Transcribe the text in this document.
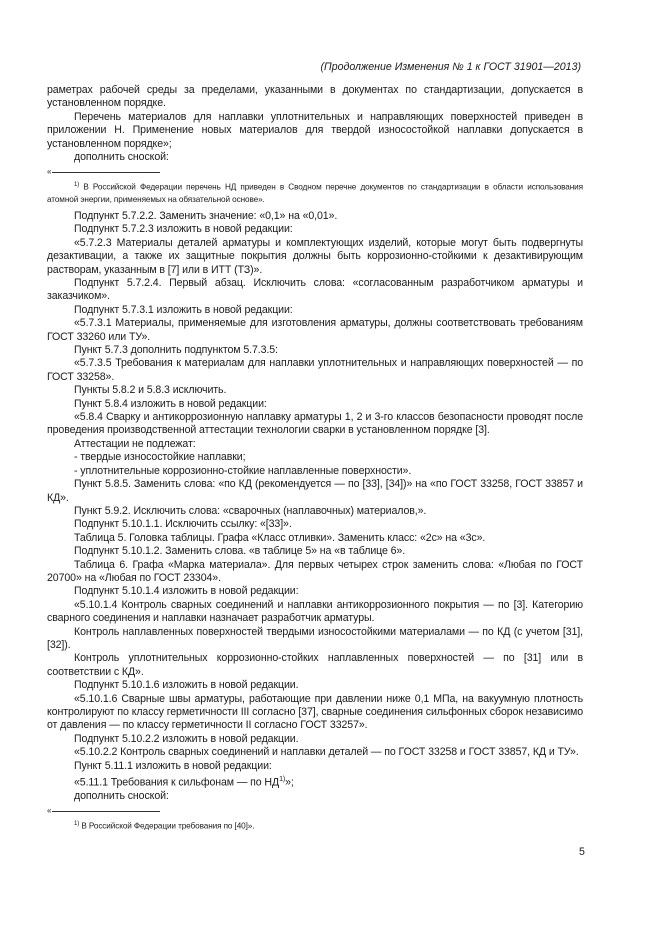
(Продолжение Изменения № 1 к ГОСТ 31901—2013)

раметрах рабочей среды за пределами, указанными в документах по стандартизации, допускается в установленном порядке.

Перечень материалов для наплавки уплотнительных и направляющих поверхностей приведен в приложении Н. Применение новых материалов для твердой износостойкой наплавки допускается в установленном порядке»;

дополнить сноской:

«

$^{1)}$ В Российской Федерации перечень НД приведен в Сводном перечне документов по стандартизации в области использования атомной энергии, применяемых на обязательной основе».

Подпункт 5.7.2.2. Заменить значение: «0,1» на «0,01».

Подпункт 5.7.2.3 изложить в новой редакции:

«5.7.2.3 Материалы деталей арматуры и комплектующих изделий, которые могут быть подвергнуты дезактивации, а также их защитные покрытия должны быть коррозионно-стойкими к дезактивирующим растворам, указанным в [7] или в ИТТ (ТЗ)».

Подпункт 5.7.2.4. Первый абзац. Исключить слова: «согласованным разработчиком арматуры и заказчиком».

Подпункт 5.7.3.1 изложить в новой редакции:

«5.7.3.1 Материалы, применяемые для изготовления арматуры, должны соответствовать требованиям ГОСТ 33260 или ТУ».

Пункт 5.7.3 дополнить подпунктом 5.7.3.5:

«5.7.3.5 Требования к материалам для наплавки уплотнительных и направляющих поверхностей — по ГОСТ 33258».

Пункты 5.8.2 и 5.8.3 исключить.

Пункт 5.8.4 изложить в новой редакции:

«5.8.4 Сварку и антикоррозионную наплавку арматуры 1, 2 и 3-го классов безопасности проводят после проведения производственной аттестации технологии сварки в установленном порядке [3].

Аттестации не подлежат:

- твердые износостойкие наплавки;

- уплотнительные коррозионно-стойкие наплавленные поверхности».

Пункт 5.8.5. Заменить слова: «по КД (рекомендуется — по [33], [34])» на «по ГОСТ 33258, ГОСТ 33857 и КД».

Пункт 5.9.2. Исключить слова: «сварочных (наплавочных) материалов,».

Подпункт 5.10.1.1. Исключить ссылку: «[33]».

Таблица 5. Головка таблицы. Графа «Класс отливки». Заменить класс: «2с» на «3с».

Подпункт 5.10.1.2. Заменить слова. «в таблице 5» на «в таблице 6».

Таблица 6. Графа «Марка материала». Для первых четырех строк заменить слова: «Любая по ГОСТ 20700» на «Любая по ГОСТ 23304».

Подпункт 5.10.1.4 изложить в новой редакции:

«5.10.1.4 Контроль сварных соединений и наплавки антикоррозионного покрытия — по [3]. Категорию сварного соединения и наплавки назначает разработчик арматуры.

Контроль наплавленных поверхностей твердыми износостойкими материалами — по КД (с учетом [31], [32]).

Контроль уплотнительных коррозионно-стойких наплавленных поверхностей — по [31] или в соответствии с КД».

Подпункт 5.10.1.6 изложить в новой редакции.

«5.10.1.6 Сварные швы арматуры, работающие при давлении ниже 0,1 МПа, на вакуумную плотность контролируют по классу герметичности III согласно [37], сварные соединения сильфонных сборок независимо от давления — по классу герметичности II согласно ГОСТ 33257».

Подпункт 5.10.2.2 изложить в новой редакции.

«5.10.2.2 Контроль сварных соединений и наплавки деталей — по ГОСТ 33258 и ГОСТ 33857, КД и ТУ».

Пункт 5.11.1 изложить в новой редакции:

«5.11.1 Требования к сильфонам — по НД$^{1)}$»;

дополнить сноской:

«

$^{1)}$ В Российской Федерации требования по [40]».

5
